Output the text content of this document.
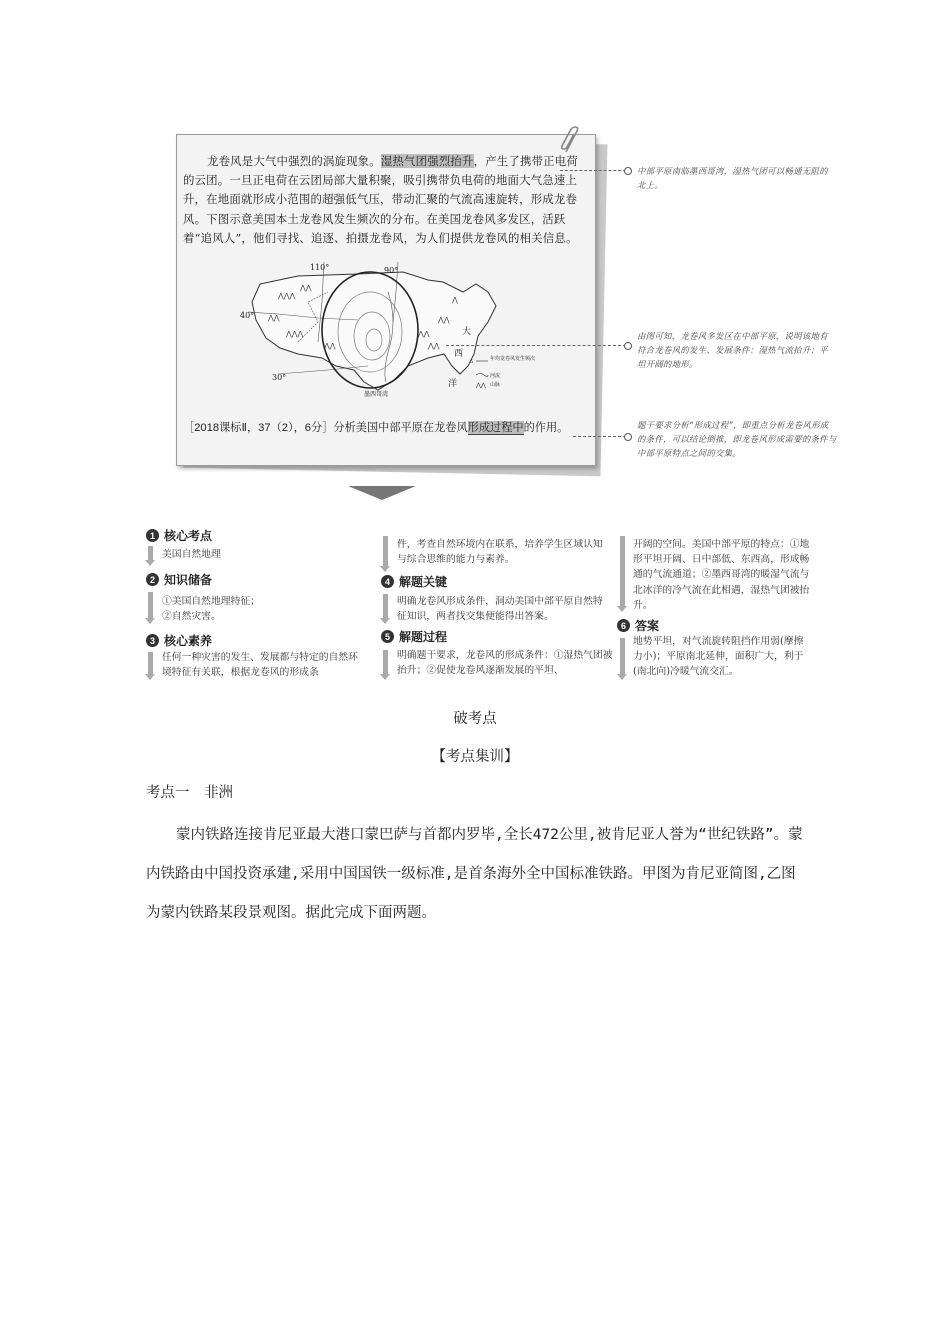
龙卷风是大气中强烈的涡旋现象。湿热气团强烈抬升，产生了携带正电荷的云团。一旦正电荷在云团局部大量积聚，吸引携带负电荷的地面大气急速上升，在地面就形成小范围的超强低气压，带动汇聚的气流高速旋转，形成龙卷风。下图示意美国本土龙卷风发生频次的分布。在美国龙卷风多发区，活跃着“追风人”，他们寻找、追逐、拍摄龙卷风，为人们提供龙卷风的相关信息。
⋀⋀⋀
⋀⋀
⋀⋀⋀
⋀⋀
⋀⋀
⋀⋀
⋀
⋀⋀
⋀⋀
110°	90°
40°
30°
大
西
洋
墨西哥湾
5	年均龙卷风发生频次
河流
⋀⋀ 山脉
［2018课标Ⅱ，37（2），6分］分析美国中部平原在龙卷风形成过程中的作用。
中部平原南临墨西哥湾，湿热气团可以畅通无阻的北上。
由图可知，龙卷风多发区在中部平原，说明该地有符合龙卷风的发生、发展条件：湿热气流抬升；平坦开阔的地形。
题干要求分析“形成过程”，即重点分析龙卷风形成的条件，可以结论倒推，即龙卷风形成需要的条件与中部平原特点之间的交集。
1 核心考点
美国自然地理
2 知识储备
①美国自然地理特征；②自然灾害。
3 核心素养
任何一种灾害的发生、发展都与特定的自然环境特征有关联，根据龙卷风的形成条
件，考查自然环境内在联系，培养学生区域认知与综合思维的能力与素养。
4 解题关键
明确龙卷风形成条件，洞动美国中部平原自然特征知识，两者找交集便能得出答案。
5 解题过程
明确题干要求，龙卷风的形成条件：①湿热气团被抬升；②促使龙卷风逐渐发展的平坦、
开阔的空间。美国中部平原的特点：①地形平坦开阔、日中部低、东西高，形成畅通的气流通道；②墨西哥湾的暖湿气流与北冰洋的冷气流在此相遇，湿热气团被抬升。
6 答案
地势平坦，对气流旋转阻挡作用弱(摩擦力小)；平原南北延伸，面积广大，利于(南北向)冷暖气流交汇。
破考点
【考点集训】
考点一　非洲
蒙内铁路连接肯尼亚最大港口蒙巴萨与首都内罗毕,全长472公里,被肯尼亚人誉为“世纪铁路”。蒙内铁路由中国投资承建,采用中国国铁一级标准,是首条海外全中国标准铁路。甲图为肯尼亚简图,乙图为蒙内铁路某段景观图。据此完成下面两题。
